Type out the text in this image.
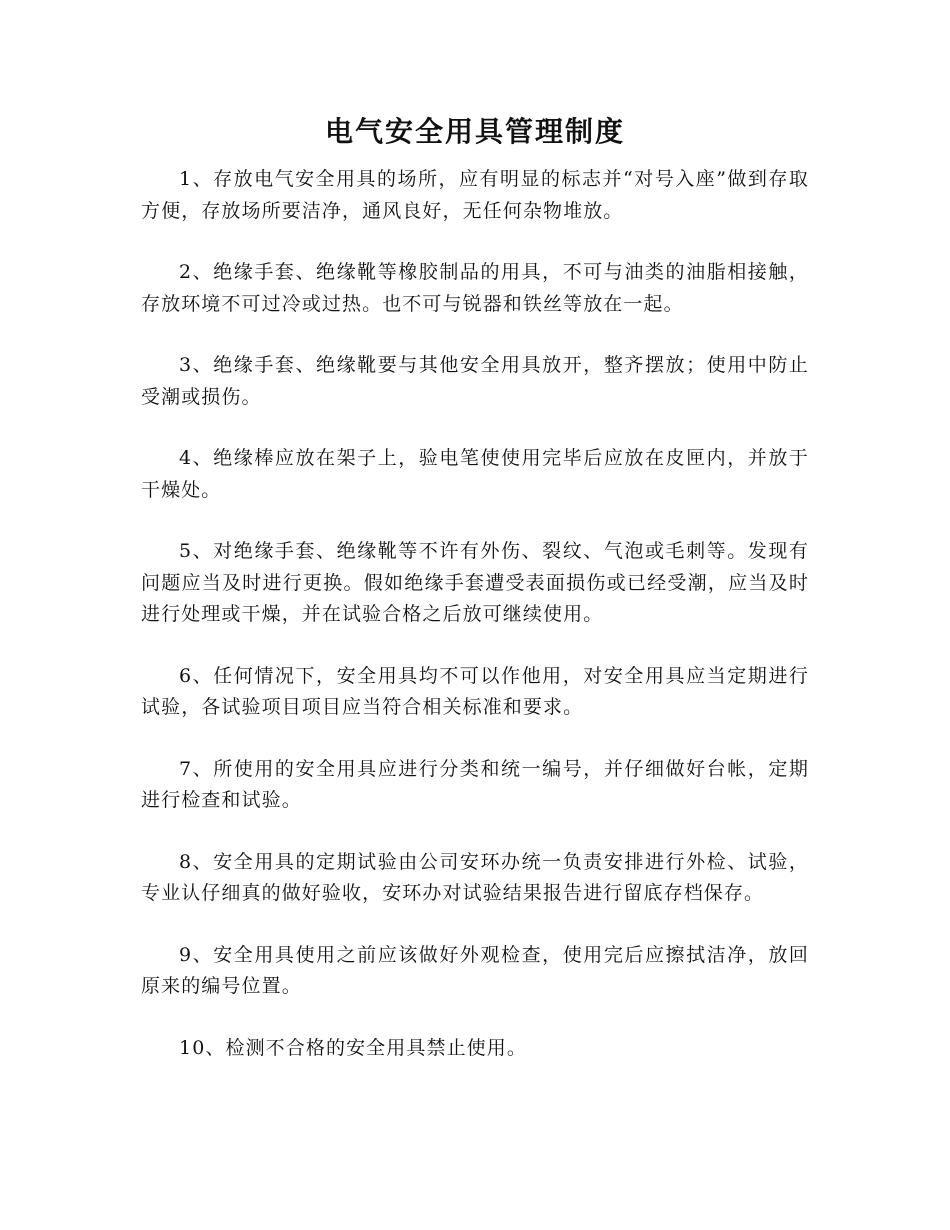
电气安全用具管理制度

1、存放电气安全用具的场所，应有明显的标志并“对号入座”做到存取方便，存放场所要洁净，通风良好，无任何杂物堆放。

2、绝缘手套、绝缘靴等橡胶制品的用具，不可与油类的油脂相接触，存放环境不可过冷或过热。也不可与锐器和铁丝等放在一起。

3、绝缘手套、绝缘靴要与其他安全用具放开，整齐摆放；使用中防止受潮或损伤。

4、绝缘棒应放在架子上，验电笔使使用完毕后应放在皮匣内，并放于干燥处。

5、对绝缘手套、绝缘靴等不许有外伤、裂纹、气泡或毛刺等。发现有问题应当及时进行更换。假如绝缘手套遭受表面损伤或已经受潮，应当及时进行处理或干燥，并在试验合格之后放可继续使用。

6、任何情况下，安全用具均不可以作他用，对安全用具应当定期进行试验，各试验项目项目应当符合相关标准和要求。

7、所使用的安全用具应进行分类和统一编号，并仔细做好台帐，定期进行检查和试验。

8、安全用具的定期试验由公司安环办统一负责安排进行外检、试验，专业认仔细真的做好验收，安环办对试验结果报告进行留底存档保存。

9、安全用具使用之前应该做好外观检查，使用完后应擦拭洁净，放回原来的编号位置。

10、检测不合格的安全用具禁止使用。
